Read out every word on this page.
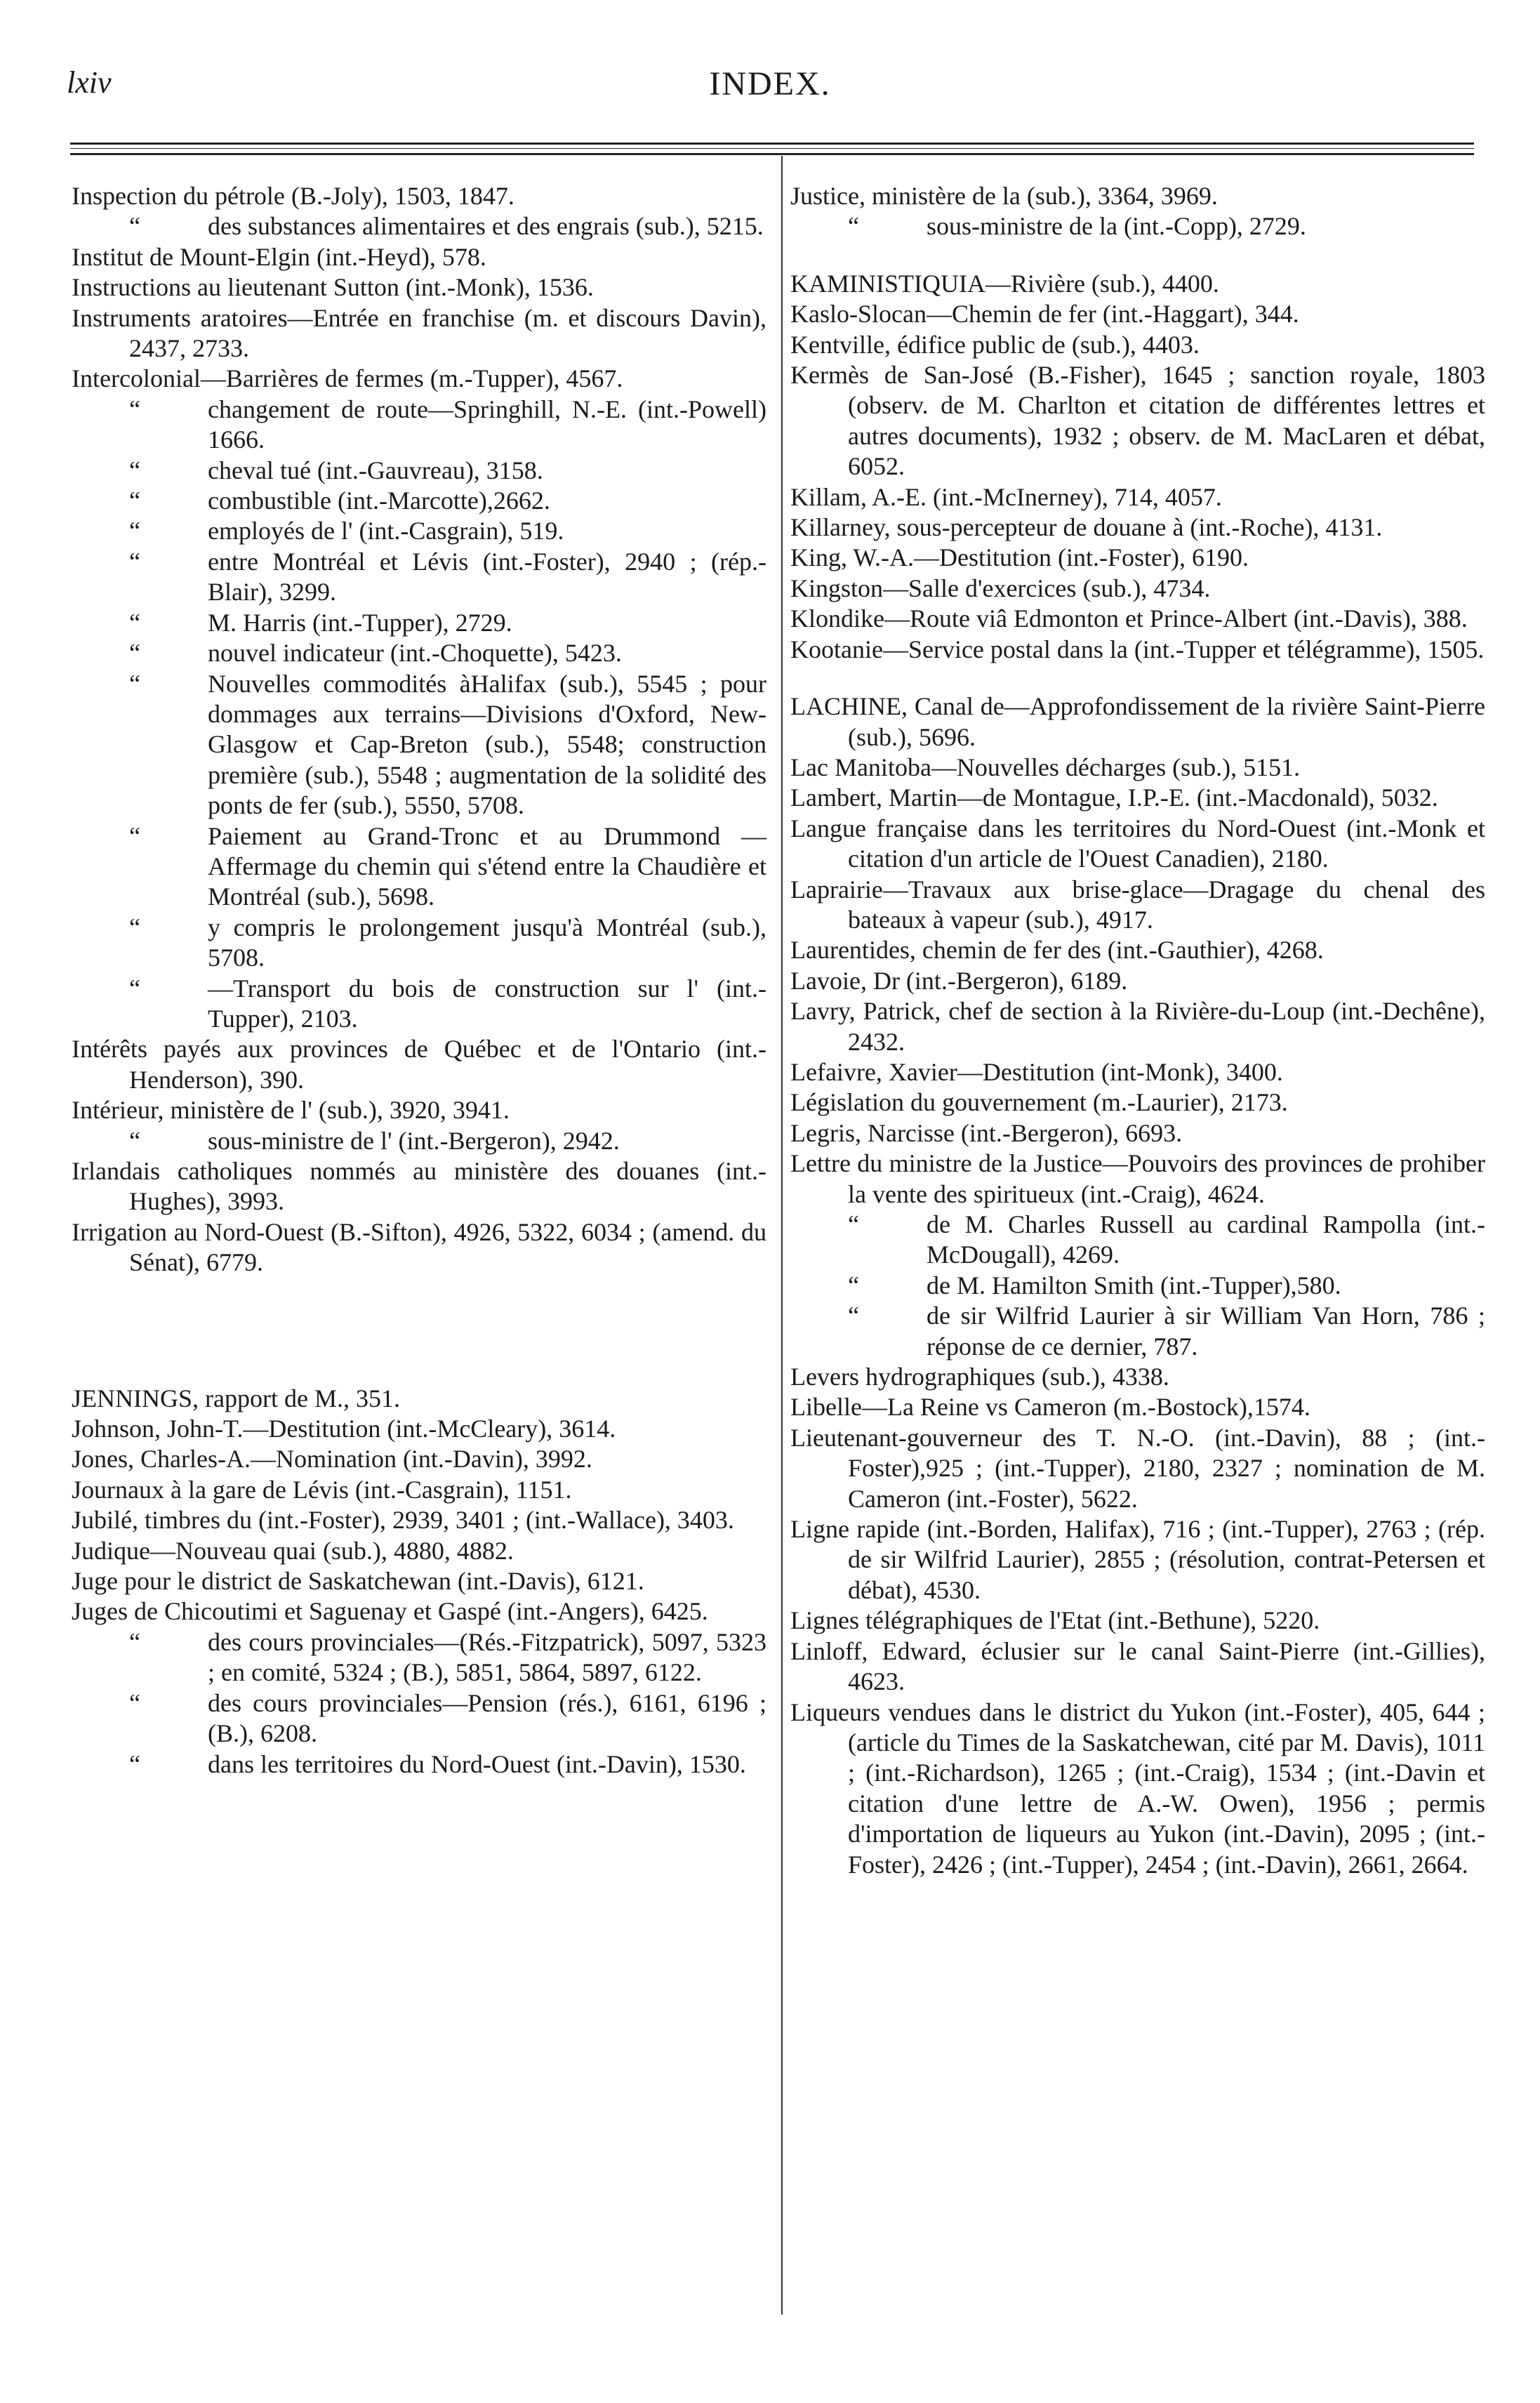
lxiv	INDEX.
Inspection du pétrole (B.-Joly), 1503, 1847.
“	des substances alimentaires et des engrais (sub.), 5215.
Institut de Mount-Elgin (int.-Heyd), 578.
Instructions au lieutenant Sutton (int.-Monk), 1536.
Instruments aratoires—Entrée en franchise (m. et discours Davin), 2437, 2733.
Intercolonial—Barrières de fermes (m.-Tupper), 4567.
“	changement de route—Springhill, N.-E. (int.-Powell) 1666.
“	cheval tué (int.-Gauvreau), 3158.
“	combustible (int.-Marcotte),2662.
“	employés de l' (int.-Casgrain), 519.
“	entre Montréal et Lévis (int.-Foster), 2940 ; (rép.-Blair), 3299.
“	M. Harris (int.-Tupper), 2729.
“	nouvel indicateur (int.-Choquette), 5423.
“	Nouvelles commodités àHalifax (sub.), 5545 ; pour dommages aux terrains—Divisions d'Oxford, New-Glasgow et Cap-Breton (sub.), 5548; construction première (sub.), 5548 ; augmentation de la solidité des ponts de fer (sub.), 5550, 5708.
“	Paiement au Grand-Tronc et au Drummond — Affermage du chemin qui s'étend entre la Chaudière et Montréal (sub.), 5698.
“	y compris le prolongement jusqu'à Montréal (sub.), 5708.
“	—Transport du bois de construction sur l' (int.-Tupper), 2103.
Intérêts payés aux provinces de Québec et de l'Ontario (int.-Henderson), 390.
Intérieur, ministère de l' (sub.), 3920, 3941.
“	sous-ministre de l' (int.-Bergeron), 2942.
Irlandais catholiques nommés au ministère des douanes (int.-Hughes), 3993.
Irrigation au Nord-Ouest (B.-Sifton), 4926, 5322, 6034 ; (amend. du Sénat), 6779.
JENNINGS, rapport de M., 351.
Johnson, John-T.—Destitution (int.-McCleary), 3614.
Jones, Charles-A.—Nomination (int.-Davin), 3992.
Journaux à la gare de Lévis (int.-Casgrain), 1151.
Jubilé, timbres du (int.-Foster), 2939, 3401 ; (int.-Wallace), 3403.
Judique—Nouveau quai (sub.), 4880, 4882.
Juge pour le district de Saskatchewan (int.-Davis), 6121.
Juges de Chicoutimi et Saguenay et Gaspé (int.-Angers), 6425.
“	des cours provinciales—(Rés.-Fitzpatrick), 5097, 5323 ; en comité, 5324 ; (B.), 5851, 5864, 5897, 6122.
“	des cours provinciales—Pension (rés.), 6161, 6196 ; (B.), 6208.
“	dans les territoires du Nord-Ouest (int.-Davin), 1530.
Justice, ministère de la (sub.), 3364, 3969.
“	sous-ministre de la (int.-Copp), 2729.
KAMINISTIQUIA—Rivière (sub.), 4400.
Kaslo-Slocan—Chemin de fer (int.-Haggart), 344.
Kentville, édifice public de (sub.), 4403.
Kermès de San-José (B.-Fisher), 1645 ; sanction royale, 1803 (observ. de M. Charlton et citation de différentes lettres et autres documents), 1932 ; observ. de M. MacLaren et débat, 6052.
Killam, A.-E. (int.-McInerney), 714, 4057.
Killarney, sous-percepteur de douane à (int.-Roche), 4131.
King, W.-A.—Destitution (int.-Foster), 6190.
Kingston—Salle d'exercices (sub.), 4734.
Klondike—Route viâ Edmonton et Prince-Albert (int.-Davis), 388.
Kootanie—Service postal dans la (int.-Tupper et télégramme), 1505.
LACHINE, Canal de—Approfondissement de la rivière Saint-Pierre (sub.), 5696.
Lac Manitoba—Nouvelles décharges (sub.), 5151.
Lambert, Martin—de Montague, I.P.-E. (int.-Macdonald), 5032.
Langue française dans les territoires du Nord-Ouest (int.-Monk et citation d'un article de l'Ouest Canadien), 2180.
Laprairie—Travaux aux brise-glace—Dragage du chenal des bateaux à vapeur (sub.), 4917.
Laurentides, chemin de fer des (int.-Gauthier), 4268.
Lavoie, Dr (int.-Bergeron), 6189.
Lavry, Patrick, chef de section à la Rivière-du-Loup (int.-Dechêne), 2432.
Lefaivre, Xavier—Destitution (int-Monk), 3400.
Législation du gouvernement (m.-Laurier), 2173.
Legris, Narcisse (int.-Bergeron), 6693.
Lettre du ministre de la Justice—Pouvoirs des provinces de prohiber la vente des spiritueux (int.-Craig), 4624.
“	de M. Charles Russell au cardinal Rampolla (int.-McDougall), 4269.
“	de M. Hamilton Smith (int.-Tupper),580.
“	de sir Wilfrid Laurier à sir William Van Horn, 786 ; réponse de ce dernier, 787.
Levers hydrographiques (sub.), 4338.
Libelle—La Reine vs Cameron (m.-Bostock),1574.
Lieutenant-gouverneur des T. N.-O. (int.-Davin), 88 ; (int.-Foster),925 ; (int.-Tupper), 2180, 2327 ; nomination de M. Cameron (int.-Foster), 5622.
Ligne rapide (int.-Borden, Halifax), 716 ; (int.-Tupper), 2763 ; (rép. de sir Wilfrid Laurier), 2855 ; (résolution, contrat-Petersen et débat), 4530.
Lignes télégraphiques de l'Etat (int.-Bethune), 5220.
Linloff, Edward, éclusier sur le canal Saint-Pierre (int.-Gillies), 4623.
Liqueurs vendues dans le district du Yukon (int.-Foster), 405, 644 ; (article du Times de la Saskatchewan, cité par M. Davis), 1011 ; (int.-Richardson), 1265 ; (int.-Craig), 1534 ; (int.-Davin et citation d'une lettre de A.-W. Owen), 1956 ; permis d'importation de liqueurs au Yukon (int.-Davin), 2095 ; (int.-Foster), 2426 ; (int.-Tupper), 2454 ; (int.-Davin), 2661, 2664.
